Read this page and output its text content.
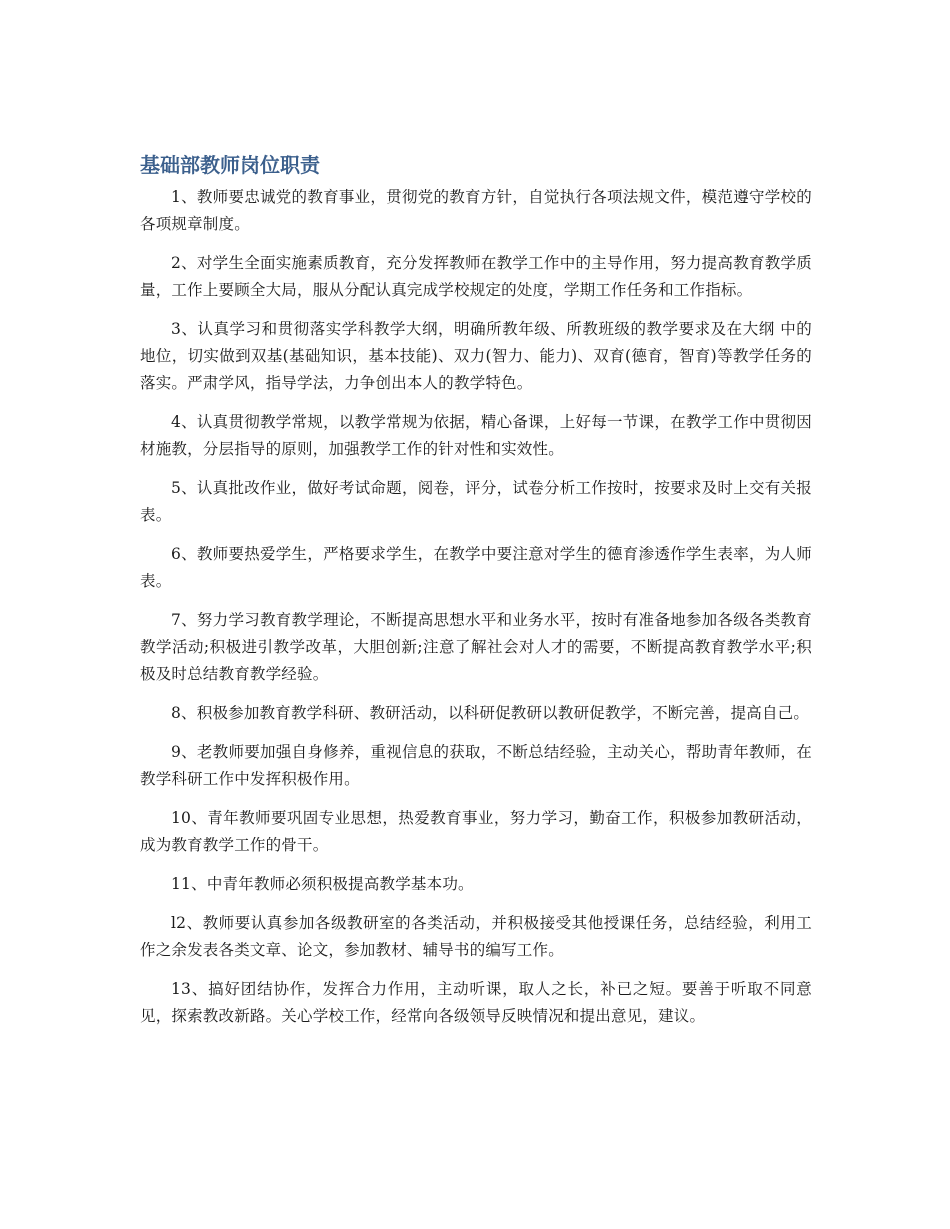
基础部教师岗位职责

1、教师要忠诚党的教育事业，贯彻党的教育方针，自觉执行各项法规文件，模范遵守学校的各项规章制度。

2、对学生全面实施素质教育，充分发挥教师在教学工作中的主导作用，努力提高教育教学质量，工作上要顾全大局，服从分配认真完成学校规定的处度，学期工作任务和工作指标。

3、认真学习和贯彻落实学科教学大纲，明确所教年级、所教班级的教学要求及在大纲 中的地位，切实做到双基(基础知识，基本技能)、双力(智力、能力)、双育(德育，智育)等教学任务的落实。严肃学风，指导学法，力争创出本人的教学特色。

4、认真贯彻教学常规，以教学常规为依据，精心备课，上好每一节课，在教学工作中贯彻因材施教，分层指导的原则，加强教学工作的针对性和实效性。

5、认真批改作业，做好考试命题，阅卷，评分，试卷分析工作按时，按要求及时上交有关报表。

6、教师要热爱学生，严格要求学生，在教学中要注意对学生的德育渗透作学生表率，为人师表。

7、努力学习教育教学理论，不断提高思想水平和业务水平，按时有准备地参加各级各类教育教学活动;积极进引教学改革，大胆创新;注意了解社会对人才的需要，不断提高教育教学水平;积极及时总结教育教学经验。

8、积极参加教育教学科研、教研活动，以科研促教研以教研促教学，不断完善，提高自己。

9、老教师要加强自身修养，重视信息的获取，不断总结经验，主动关心，帮助青年教师，在教学科研工作中发挥积极作用。

10、青年教师要巩固专业思想，热爱教育事业，努力学习，勤奋工作，积极参加教研活动，成为教育教学工作的骨干。

11、中青年教师必须积极提高教学基本功。

l2、教师要认真参加各级教研室的各类活动，并积极接受其他授课任务，总结经验，利用工作之余发表各类文章、论文，参加教材、辅导书的编写工作。

13、搞好团结协作，发挥合力作用，主动听课，取人之长，补已之短。要善于听取不同意见，探索教改新路。关心学校工作，经常向各级领导反映情况和提出意见，建议。
